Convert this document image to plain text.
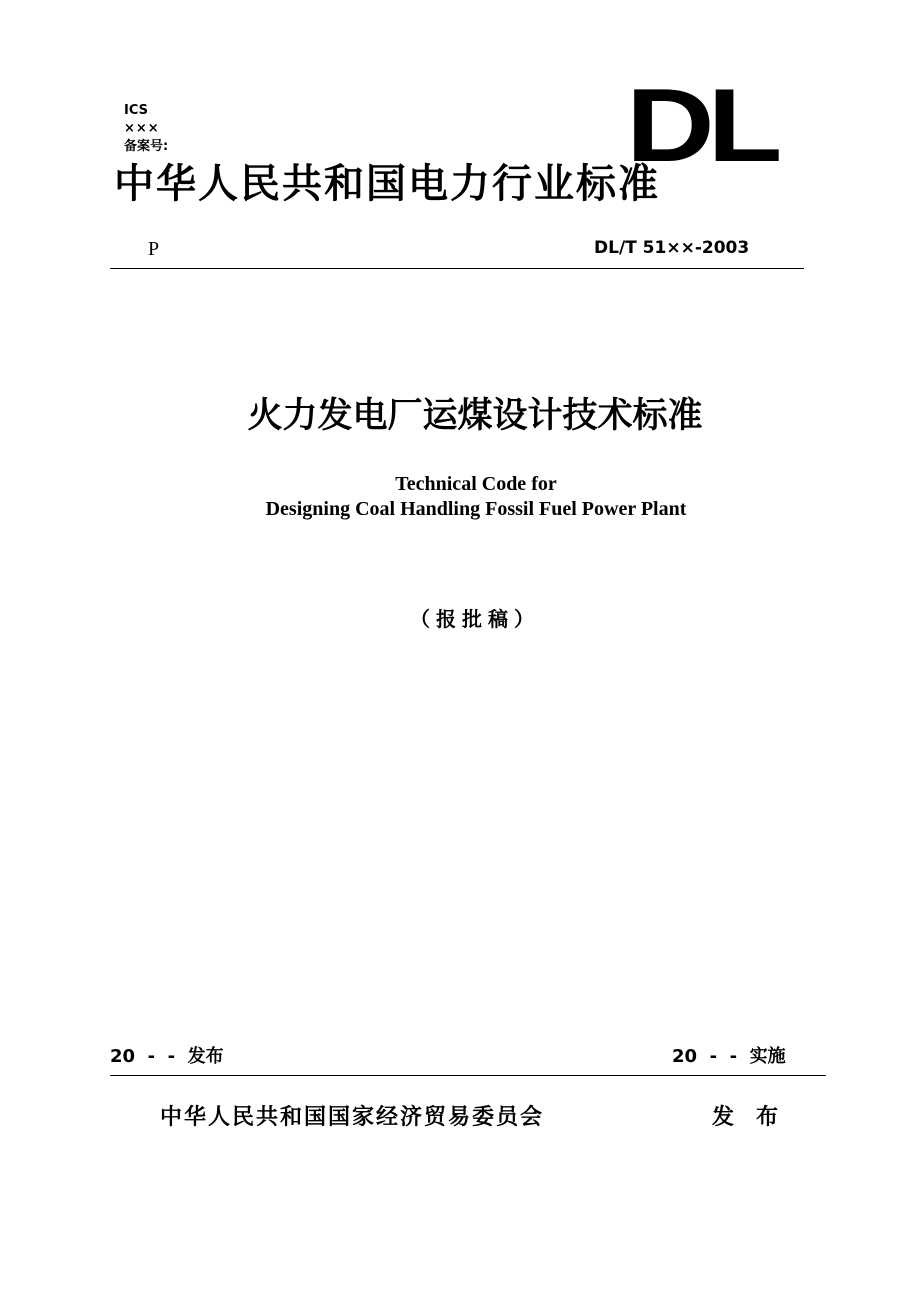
ICS
×××
备案号:	DL
中华人民共和国电力行业标准
P	DL/T 51××-2003
火力发电厂运煤设计技术标准
Technical Code for
Designing Coal Handling Fossil Fuel Power Plant
（报批稿）
20  -  -  发布	20  -  -  实施
中华人民共和国国家经济贸易委员会	发布
